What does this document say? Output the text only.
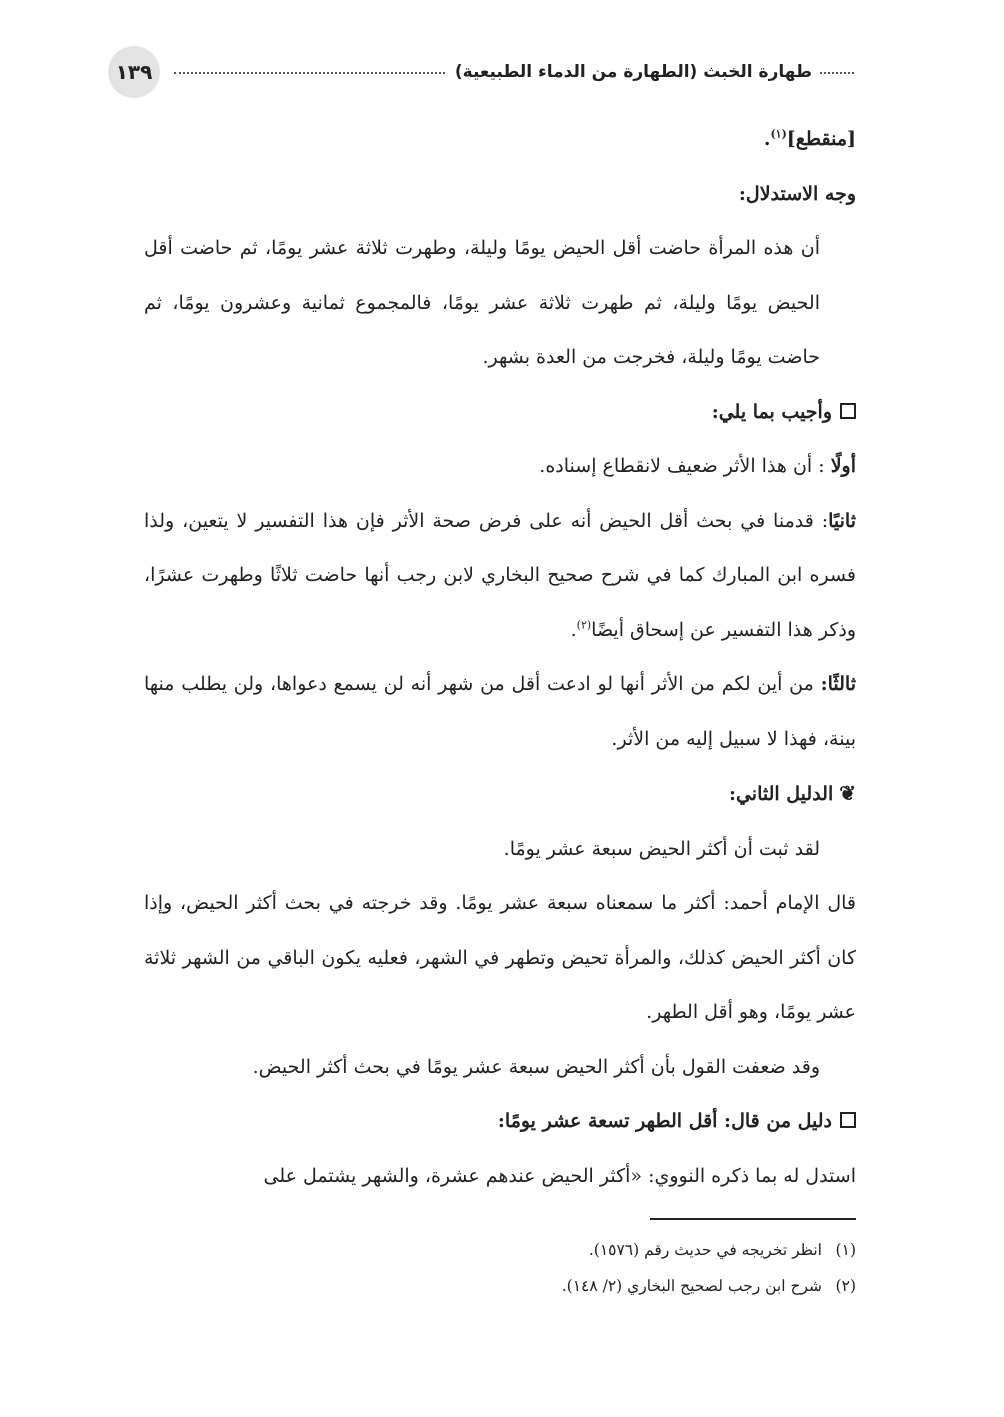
طهارة الخبث (الطهارة من الدماء الطبيعية)
١٣٩

[منقطع]$^{(١)}$.

وجه الاستدلال:

أن هذه المرأة حاضت أقل الحيض يومًا وليلة، وطهرت ثلاثة عشر يومًا، ثم حاضت أقل الحيض يومًا وليلة، ثم طهرت ثلاثة عشر يومًا، فالمجموع ثمانية وعشرون يومًا، ثم حاضت يومًا وليلة، فخرجت من العدة بشهر.

وأجيب بما يلي:

أولًا : أن هذا الأثر ضعيف لانقطاع إسناده.

ثانيًا: قدمنا في بحث أقل الحيض أنه على فرض صحة الأثر فإن هذا التفسير لا يتعين، ولذا فسره ابن المبارك كما في شرح صحيح البخاري لابن رجب أنها حاضت ثلاثًا وطهرت عشرًا، وذكر هذا التفسير عن إسحاق أيضًا$^{(٢)}$.

ثالثًا: من أين لكم من الأثر أنها لو ادعت أقل من شهر أنه لن يسمع دعواها، ولن يطلب منها بينة، فهذا لا سبيل إليه من الأثر.

❦الدليل الثاني:

لقد ثبت أن أكثر الحيض سبعة عشر يومًا.

قال الإمام أحمد: أكثر ما سمعناه سبعة عشر يومًا. وقد خرجته في بحث أكثر الحيض، وإذا كان أكثر الحيض كذلك، والمرأة تحيض وتطهر في الشهر، فعليه يكون الباقي من الشهر ثلاثة عشر يومًا، وهو أقل الطهر.

وقد ضعفت القول بأن أكثر الحيض سبعة عشر يومًا في بحث أكثر الحيض.

دليل من قال: أقل الطهر تسعة عشر يومًا:

استدل له بما ذكره النووي: «أكثر الحيض عندهم عشرة، والشهر يشتمل على

(١)انظر تخريجه في حديث رقم (١٥٧٦).

(٢)شرح ابن رجب لصحيح البخاري (٢/ ١٤٨).
